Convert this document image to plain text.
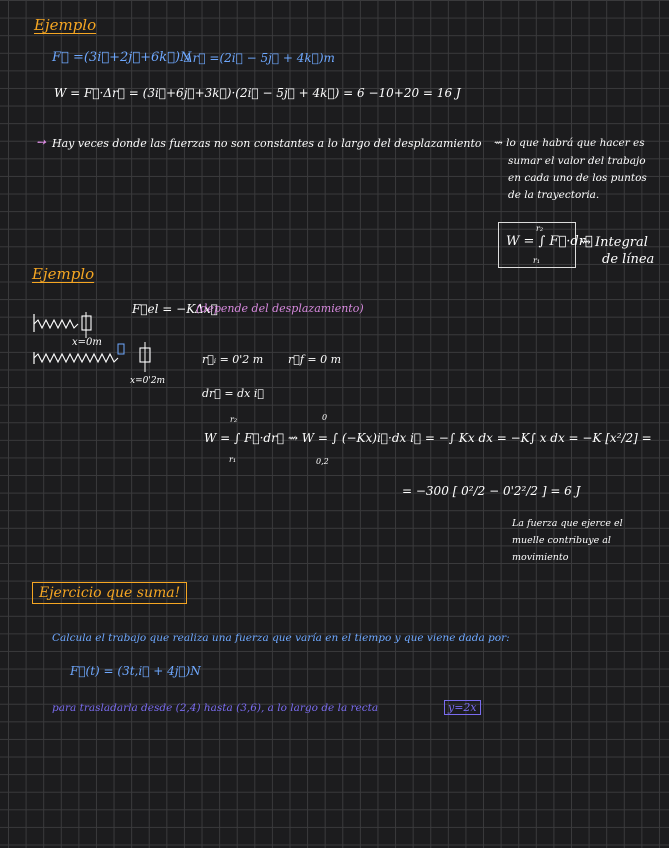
Ejemplo
F⃗ =(3i⃗+2j⃗+6k⃗)N
Δr⃗ =(2i⃗ − 5j⃗ + 4k⃗)m
W = F⃗·Δr⃗ = (3i⃗+6j⃗+3k⃗)·(2i⃗ − 5j⃗ + 4k⃗) = 6 −10+20 = 16 J
➙ Hay veces donde las fuerzas no son constantes a lo largo del desplazamiento ⇝ lo que habrá que hacer es
sumar el valor del trabajo
en cada uno de los puntos
de la trayectoria.
W = ∫ F⃗·dr⃗
r₂
r₁
⇝ Integral
de línea
Ejemplo
x=0m
x=0'2m
F⃗el = −KΔx⃗
(depende del desplazamiento)
r⃗ᵢ = 0'2 m r⃗f = 0 m
dr⃗ = dx i⃗
W = ∫ F⃗·dr⃗ ⇝ W = ∫ (−Kx)i⃗·dx i⃗ = −∫ Kx dx = −K∫ x dx = −K [x²/2] =
r₂
r₁
0
0,2
= −300 [ 0²/2 − 0'2²/2 ] = 6 J
La fuerza que ejerce el
muelle contribuye al
movimiento
Ejercicio que suma!
Calcula el trabajo que realiza una fuerza que varía en el tiempo y que viene dada por:
F⃗(t) = (3t,i⃗ + 4j⃗)N
para trasladarla desde (2,4) hasta (3,6), a lo largo de la recta	y=2x
